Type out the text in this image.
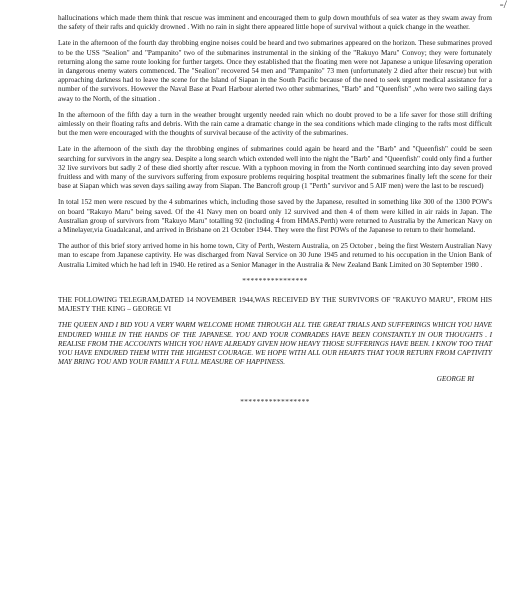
-/

hallucinations which made them think that rescue was imminent and encouraged them to gulp down mouthfuls of sea water as they swam away from the safety of their rafts and quickly drowned . With no rain in sight there appeared little hope of survival without a quick change in the weather.

Late in the afternoon of the fourth day throbbing engine noises could be heard and two submarines appeared on the horizon. These submarines proved to be the USS "Sealion" and "Pampanito" two of the submarines instrumental in the sinking of the "Rakuyo Maru" Convoy; they were fortunately returning along the same route looking for further targets. Once they established that the floating men were not Japanese a unique lifesaving operation in dangerous enemy waters commenced. The "Sealion" recovered 54 men and "Pampanito" 73 men (unfortunately 2 died after their rescue) but with approaching darkness had to leave the scene for the Island of Siapan in the South Pacific because of the need to seek urgent medical assistance for a number of the survivors. However the Naval Base at Pearl Harbour alerted two other submarines, "Barb" and "Queenfish" ,who were two sailing days away to the North, of the situation .

In the afternoon of the fifth day a turn in the weather brought urgently needed rain which no doubt proved to be a life saver for those still drifting aimlessly on their floating rafts and debris. With the rain came a dramatic change in the sea conditions which made clinging to the rafts most difficult but the men were encouraged with the thoughts of survival because of the activity of the submarines.

Late in the afternoon of the sixth day the throbbing engines of submarines could again be heard and the "Barb" and "Queenfish" could be seen searching for survivors in the angry sea. Despite a long search which extended well into the night the "Barb" and "Queenfish" could only find a further 32 live survivors but sadly 2 of these died shortly after rescue. With a typhoon moving in from the North continued searching into day seven proved fruitless and with many of the survivors suffering from exposure problems requiring hospital treatment the submarines finally left the scene for their base at Siapan which was seven days sailing away from Siapan. The Bancroft group (1 "Perth" survivor and 5 AIF men) were the last to be rescued)

In total 152 men were rescued by the 4 submarines which, including those saved by the Japanese, resulted in something like 300 of the 1300 POW's on board "Rakuyo Maru" being saved. Of the 41 Navy men on board only 12 survived and then 4 of them were killed in air raids in Japan. The Australian group of survivors from "Rakuyo Maru" totalling 92 (including 4 from HMAS.Perth) were returned to Australia by the American Navy on a Minelayer,via Guadalcanal, and arrived in Brisbane on 21 October 1944. They were the first POWs of the Japanese to return to their homeland.

The author of this brief story arrived home in his home town, City of Perth, Western Australia, on 25 October , being the first Western Australian Navy man to escape from Japanese captivity. He was discharged from Naval Service on 30 June 1945 and returned to his occupation in the Union Bank of Australia Limited which he had left in 1940. He retired as a Senior Manager in the Australia & New Zealand Bank Limited on 30 September 1980 .

****************

THE FOLLOWING TELEGRAM,DATED 14 NOVEMBER 1944,WAS RECEIVED BY THE SURVIVORS OF "RAKUYO MARU", FROM HIS MAJESTY THE KING – GEORGE VI

THE QUEEN AND I BID YOU A VERY WARM WELCOME HOME THROUGH ALL THE GREAT TRIALS AND SUFFERINGS WHICH YOU HAVE ENDURED WHILE IN THE HANDS OF THE JAPANESE. YOU AND YOUR COMRADES HAVE BEEN CONSTANTLY IN OUR THOUGHTS . I REALISE FROM THE ACCOUNTS WHICH YOU HAVE ALREADY GIVEN HOW HEAVY THOSE SUFFERINGS HAVE BEEN. I KNOW TOO THAT YOU HAVE ENDURED THEM WITH THE HIGHEST COURAGE. WE HOPE WITH ALL OUR HEARTS THAT YOUR RETURN FROM CAPTIVITY MAY BRING YOU AND YOUR FAMILY A FULL MEASURE OF HAPPINESS.

GEORGE RI
*****************
